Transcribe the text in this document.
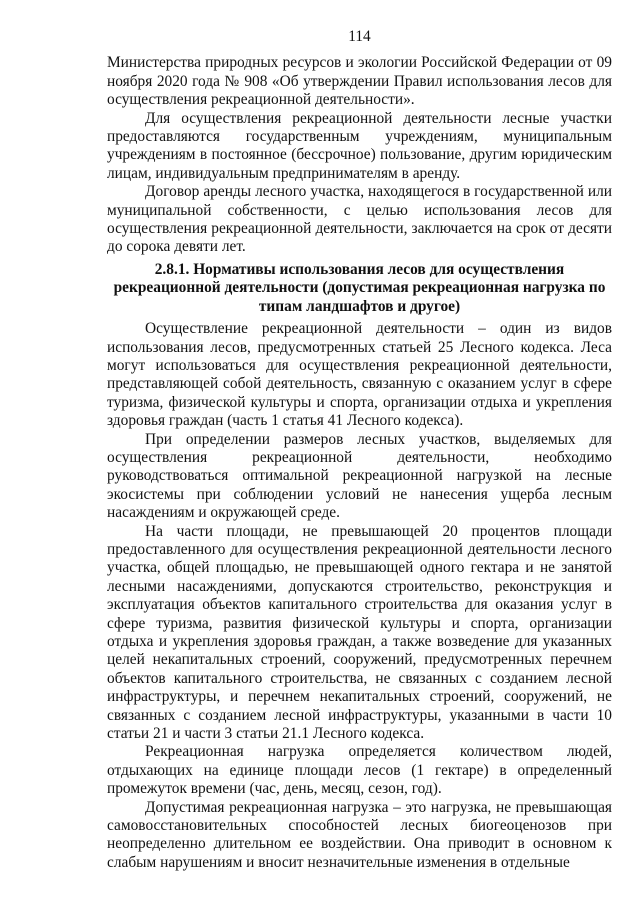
114

Министерства природных ресурсов и экологии Российской Федерации от 09 ноября 2020 года № 908 «Об утверждении Правил использования лесов для осуществления рекреационной деятельности».

Для осуществления рекреационной деятельности лесные участки предоставляются государственным учреждениям, муниципальным учреждениям в постоянное (бессрочное) пользование, другим юридическим лицам, индивидуальным предпринимателям в аренду.

Договор аренды лесного участка, находящегося в государственной или муниципальной собственности, с целью использования лесов для осуществления рекреационной деятельности, заключается на срок от десяти до сорока девяти лет.

2.8.1. Нормативы использования лесов для осуществления рекреационной деятельности (допустимая рекреационная нагрузка по типам ландшафтов и другое)

Осуществление рекреационной деятельности – один из видов использования лесов, предусмотренных статьей 25 Лесного кодекса. Леса могут использоваться для осуществления рекреационной деятельности, представляющей собой деятельность, связанную с оказанием услуг в сфере туризма, физической культуры и спорта, организации отдыха и укрепления здоровья граждан (часть 1 статья 41 Лесного кодекса).

При определении размеров лесных участков, выделяемых для осуществления рекреационной деятельности, необходимо руководствоваться оптимальной рекреационной нагрузкой на лесные экосистемы при соблюдении условий не нанесения ущерба лесным насаждениям и окружающей среде.

На части площади, не превышающей 20 процентов площади предоставленного для осуществления рекреационной деятельности лесного участка, общей площадью, не превышающей одного гектара и не занятой лесными насаждениями, допускаются строительство, реконструкция и эксплуатация объектов капитального строительства для оказания услуг в сфере туризма, развития физической культуры и спорта, организации отдыха и укрепления здоровья граждан, а также возведение для указанных целей некапитальных строений, сооружений, предусмотренных перечнем объектов капитального строительства, не связанных с созданием лесной инфраструктуры, и перечнем некапитальных строений, сооружений, не связанных с созданием лесной инфраструктуры, указанными в части 10 статьи 21 и части 3 статьи 21.1 Лесного кодекса.

Рекреационная нагрузка определяется количеством людей, отдыхающих на единице площади лесов (1 гектаре) в определенный промежуток времени (час, день, месяц, сезон, год).

Допустимая рекреационная нагрузка – это нагрузка, не превышающая самовосстановительных способностей лесных биогеоценозов при неопределенно длительном ее воздействии. Она приводит в основном к слабым нарушениям и вносит незначительные изменения в отдельные
